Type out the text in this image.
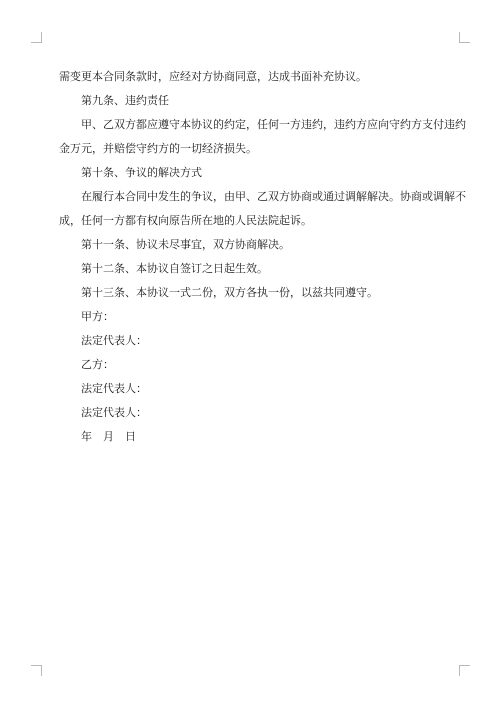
需变更本合同条款时，应经对方协商同意，达成书面补充协议。
第九条、违约责任
甲、乙双方都应遵守本协议的约定，任何一方违约，违约方应向守约方支付违约
金万元，并赔偿守约方的一切经济损失。
第十条、争议的解决方式
在履行本合同中发生的争议，由甲、乙双方协商或通过调解解决。协商或调解不
成，任何一方都有权向原告所在地的人民法院起诉。
第十一条、协议未尽事宜，双方协商解决。
第十二条、本协议自签订之日起生效。
第十三条、本协议一式二份，双方各执一份，以兹共同遵守。
甲方：
法定代表人：
乙方：
法定代表人：
法定代表人：
年　月　日
